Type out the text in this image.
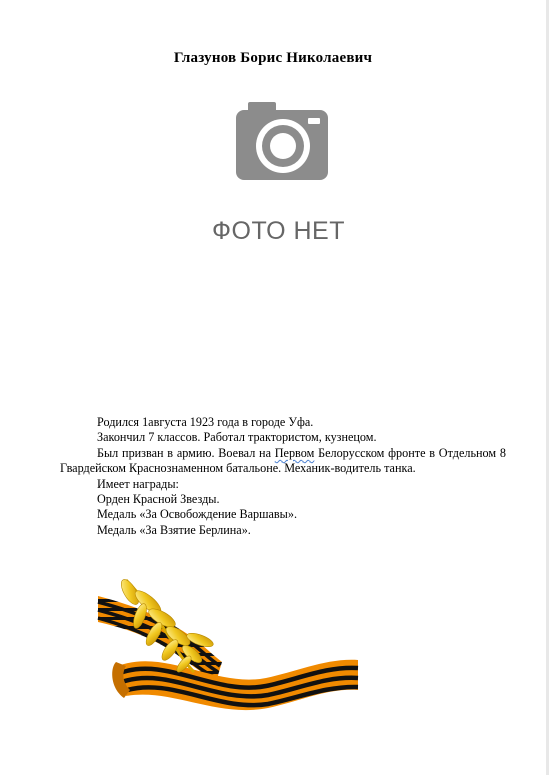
Глазунов Борис Николаевич
ФОТО НЕТ

Родился 1августа 1923 года в городе Уфа.

Закончил 7 классов. Работал трактористом, кузнецом.

Был призван в армию. Воевал на Первом Белорусском фронте в Отдельном 8 Гвардейском Краснознаменном батальоне. Механик-водитель танка.

Имеет награды:

Орден Красной Звезды.

Медаль «За Освобождение Варшавы».

Медаль «За Взятие Берлина».
